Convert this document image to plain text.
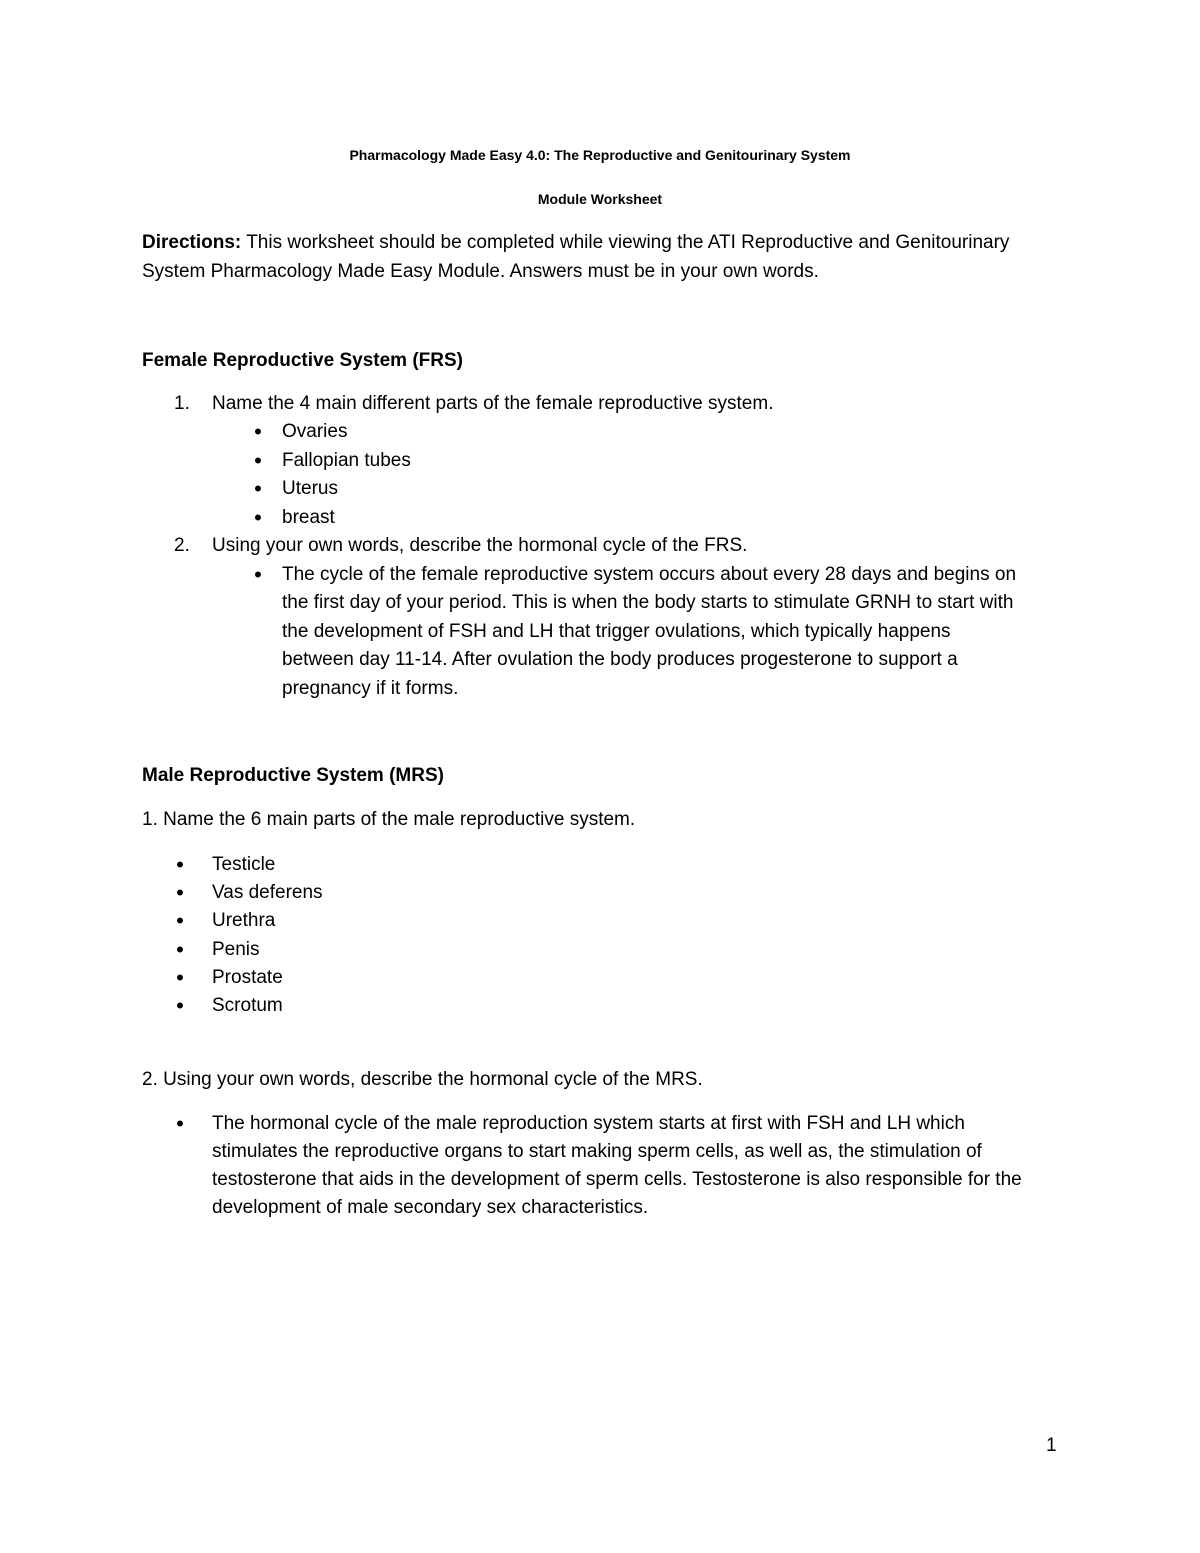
Pharmacology Made Easy 4.0: The Reproductive and Genitourinary System
Module Worksheet
Directions: This worksheet should be completed while viewing the ATI Reproductive and Genitourinary
System Pharmacology Made Easy Module. Answers must be in your own words.
Female Reproductive System (FRS)
1. Name the 4 main different parts of the female reproductive system.
•
Ovaries
•
Fallopian tubes
•
Uterus
•
breast
2. Using your own words, describe the hormonal cycle of the FRS.
•
The cycle of the female reproductive system occurs about every 28 days and begins on
the first day of your period. This is when the body starts to stimulate GRNH to start with
the development of FSH and LH that trigger ovulations, which typically happens
between day 11-14. After ovulation the body produces progesterone to support a
pregnancy if it forms.
Male Reproductive System (MRS)
1. Name the 6 main parts of the male reproductive system.
•
Testicle
•
Vas deferens
•
Urethra
•
Penis
•
Prostate
•
Scrotum
2. Using your own words, describe the hormonal cycle of the MRS.
•
The hormonal cycle of the male reproduction system starts at first with FSH and LH which
stimulates the reproductive organs to start making sperm cells, as well as, the stimulation of
testosterone that aids in the development of sperm cells. Testosterone is also responsible for the
development of male secondary sex characteristics.
1
